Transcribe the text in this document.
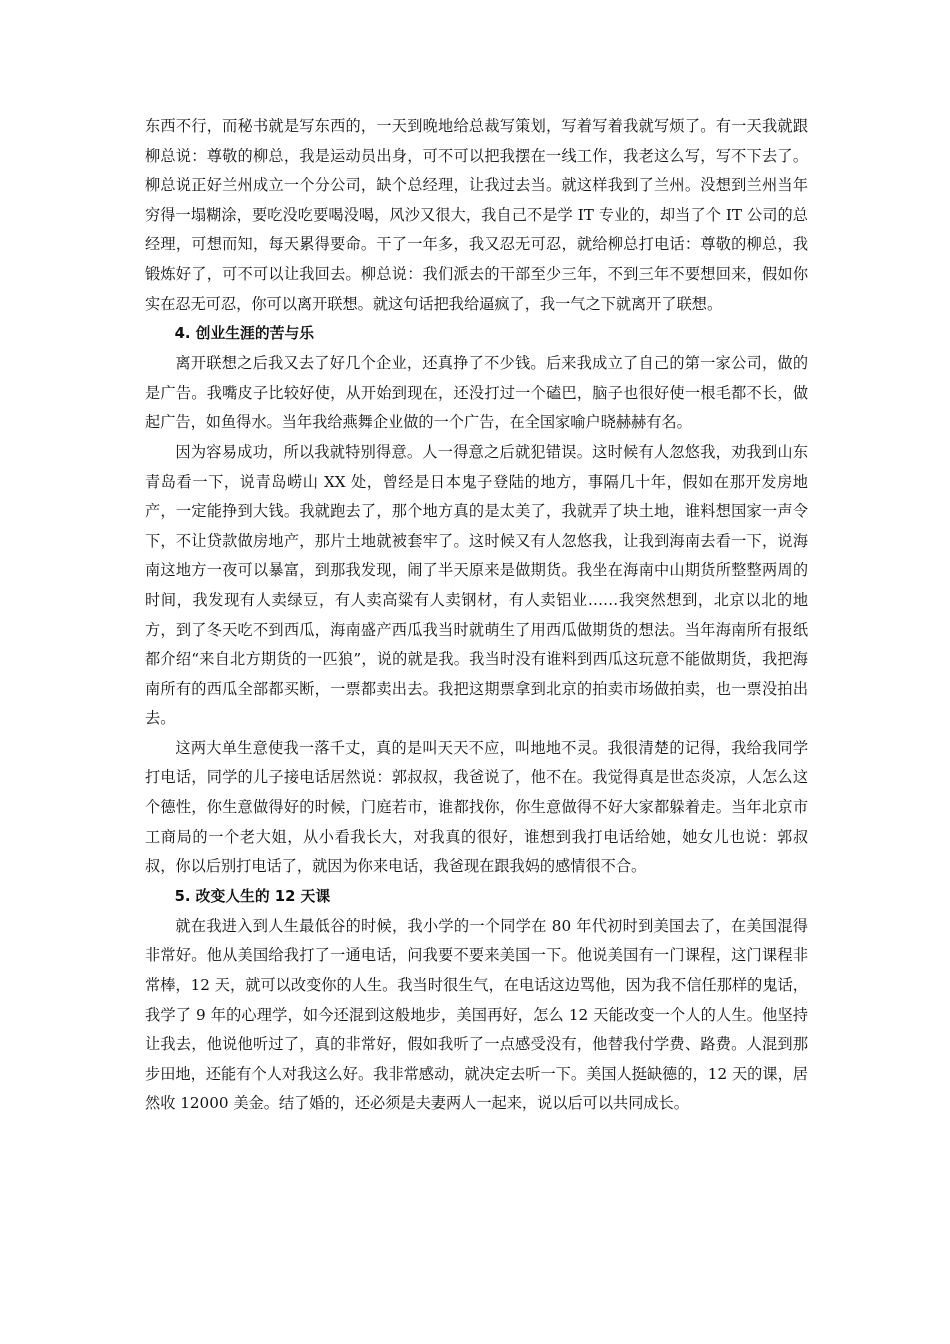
东西不行，而秘书就是写东西的，一天到晚地给总裁写策划，写着写着我就写烦了。有一天我就跟柳总说：尊敬的柳总，我是运动员出身，可不可以把我摆在一线工作，我老这么写，写不下去了。柳总说正好兰州成立一个分公司，缺个总经理，让我过去当。就这样我到了兰州。没想到兰州当年穷得一塌糊涂，要吃没吃要喝没喝，风沙又很大，我自己不是学 IT 专业的，却当了个 IT 公司的总经理，可想而知，每天累得要命。干了一年多，我又忍无可忍，就给柳总打电话：尊敬的柳总，我锻炼好了，可不可以让我回去。柳总说：我们派去的干部至少三年，不到三年不要想回来，假如你实在忍无可忍，你可以离开联想。就这句话把我给逼疯了，我一气之下就离开了联想。

4. 创业生涯的苦与乐

离开联想之后我又去了好几个企业，还真挣了不少钱。后来我成立了自己的第一家公司，做的是广告。我嘴皮子比较好使，从开始到现在，还没打过一个磕巴，脑子也很好使一根毛都不长，做起广告，如鱼得水。当年我给燕舞企业做的一个广告，在全国家喻户晓赫赫有名。

因为容易成功，所以我就特别得意。人一得意之后就犯错误。这时候有人忽悠我，劝我到山东青岛看一下，说青岛崂山 XX 处，曾经是日本鬼子登陆的地方，事隔几十年，假如在那开发房地产，一定能挣到大钱。我就跑去了，那个地方真的是太美了，我就弄了块土地，谁料想国家一声令下，不让贷款做房地产，那片土地就被套牢了。这时候又有人忽悠我，让我到海南去看一下，说海南这地方一夜可以暴富，到那我发现，闹了半天原来是做期货。我坐在海南中山期货所整整两周的时间，我发现有人卖绿豆，有人卖高粱有人卖钢材，有人卖铝业……我突然想到，北京以北的地方，到了冬天吃不到西瓜，海南盛产西瓜我当时就萌生了用西瓜做期货的想法。当年海南所有报纸都介绍“来自北方期货的一匹狼”，说的就是我。我当时没有谁料到西瓜这玩意不能做期货，我把海南所有的西瓜全部都买断，一票都卖出去。我把这期票拿到北京的拍卖市场做拍卖，也一票没拍出去。

这两大单生意使我一落千丈，真的是叫天天不应，叫地地不灵。我很清楚的记得，我给我同学打电话，同学的儿子接电话居然说：郭叔叔，我爸说了，他不在。我觉得真是世态炎凉，人怎么这个德性，你生意做得好的时候，门庭若市，谁都找你，你生意做得不好大家都躲着走。当年北京市工商局的一个老大姐，从小看我长大，对我真的很好，谁想到我打电话给她，她女儿也说：郭叔叔，你以后别打电话了，就因为你来电话，我爸现在跟我妈的感情很不合。

5. 改变人生的 12 天课

就在我进入到人生最低谷的时候，我小学的一个同学在 80 年代初时到美国去了，在美国混得非常好。他从美国给我打了一通电话，问我要不要来美国一下。他说美国有一门课程，这门课程非常棒，12 天，就可以改变你的人生。我当时很生气，在电话这边骂他，因为我不信任那样的鬼话，我学了 9 年的心理学，如今还混到这般地步，美国再好，怎么 12 天能改变一个人的人生。他坚持让我去，他说他听过了，真的非常好，假如我听了一点感受没有，他替我付学费、路费。人混到那步田地，还能有个人对我这么好。我非常感动，就决定去听一下。美国人挺缺德的，12 天的课，居然收 12000 美金。结了婚的，还必须是夫妻两人一起来，说以后可以共同成长。
